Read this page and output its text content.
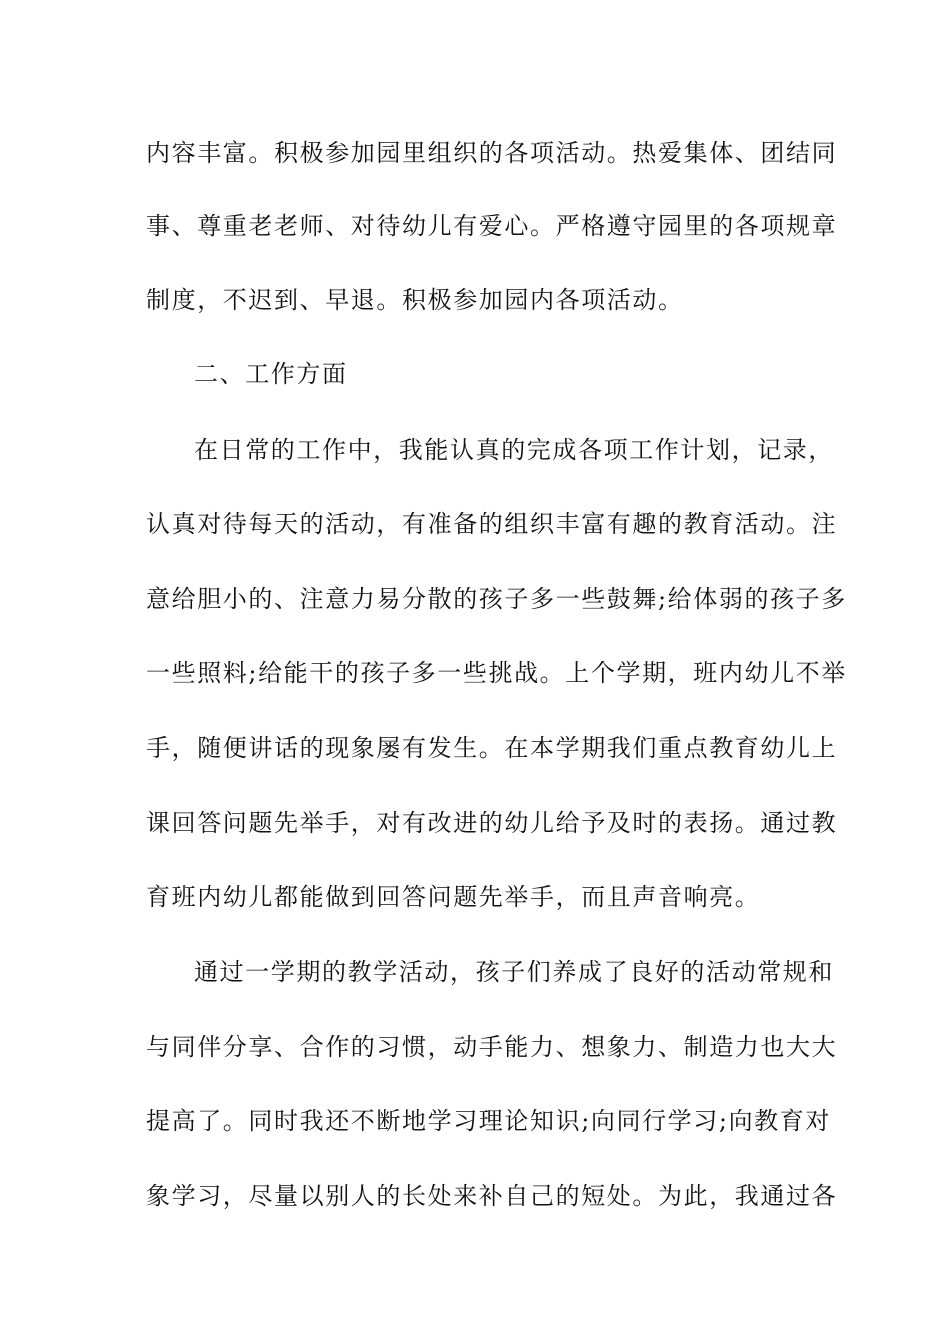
内容丰富。积极参加园里组织的各项活动。热爱集体、团结同
事、尊重老老师、对待幼儿有爱心。严格遵守园里的各项规章
制度，不迟到、早退。积极参加园内各项活动。
二、工作方面
在日常的工作中，我能认真的完成各项工作计划，记录，
认真对待每天的活动，有准备的组织丰富有趣的教育活动。注
意给胆小的、注意力易分散的孩子多一些鼓舞;给体弱的孩子多
一些照料;给能干的孩子多一些挑战。上个学期，班内幼儿不举
手，随便讲话的现象屡有发生。在本学期我们重点教育幼儿上
课回答问题先举手，对有改进的幼儿给予及时的表扬。通过教
育班内幼儿都能做到回答问题先举手，而且声音响亮。
通过一学期的教学活动，孩子们养成了良好的活动常规和
与同伴分享、合作的习惯，动手能力、想象力、制造力也大大
提高了。同时我还不断地学习理论知识;向同行学习;向教育对
象学习，尽量以别人的长处来补自己的短处。为此，我通过各
